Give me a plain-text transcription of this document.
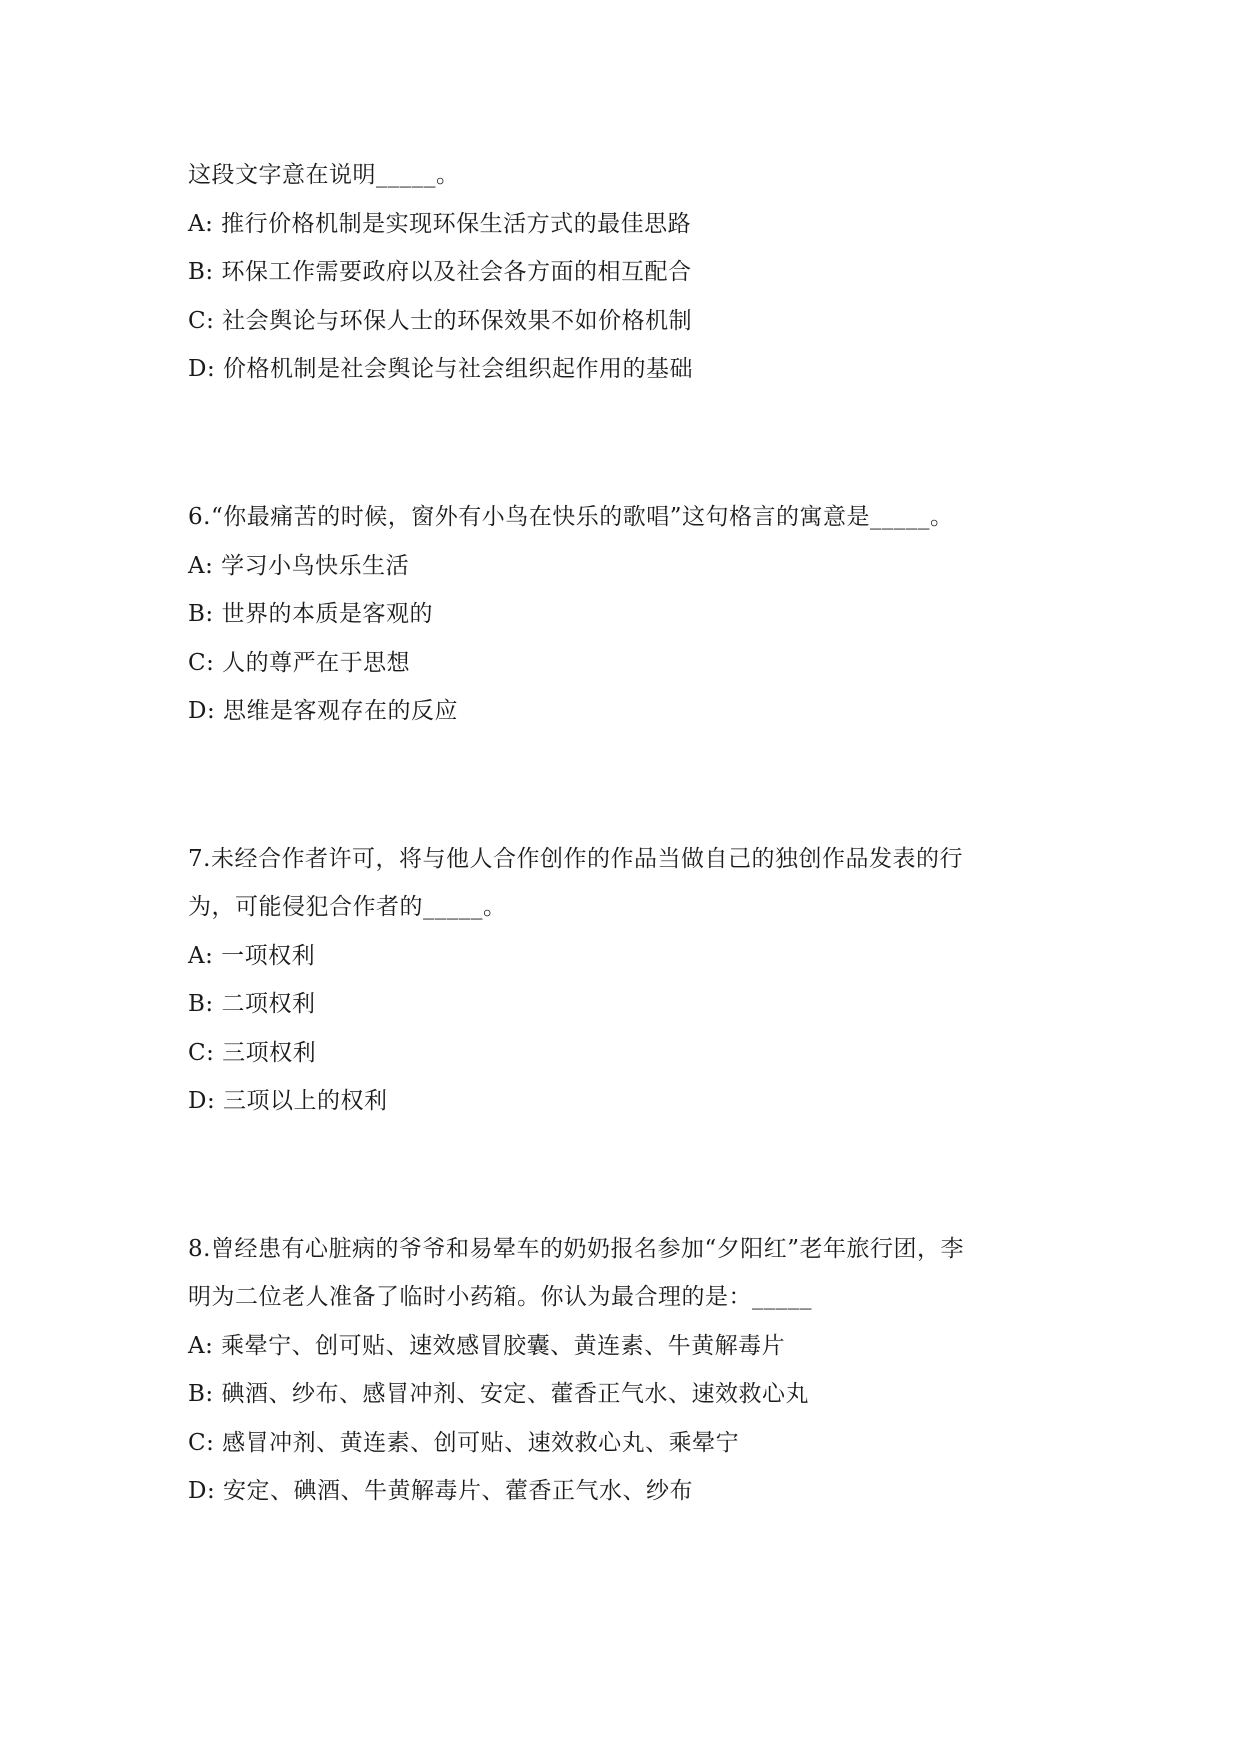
这段文字意在说明_____。
A: 推行价格机制是实现环保生活方式的最佳思路
B: 环保工作需要政府以及社会各方面的相互配合
C: 社会舆论与环保人士的环保效果不如价格机制
D: 价格机制是社会舆论与社会组织起作用的基础
6.“你最痛苦的时候，窗外有小鸟在快乐的歌唱”这句格言的寓意是_____。
A: 学习小鸟快乐生活
B: 世界的本质是客观的
C: 人的尊严在于思想
D: 思维是客观存在的反应
7.未经合作者许可，将与他人合作创作的作品当做自己的独创作品发表的行
为，可能侵犯合作者的_____。
A: 一项权利
B: 二项权利
C: 三项权利
D: 三项以上的权利
8.曾经患有心脏病的爷爷和易晕车的奶奶报名参加“夕阳红”老年旅行团，李
明为二位老人准备了临时小药箱。你认为最合理的是：_____
A: 乘晕宁、创可贴、速效感冒胶囊、黄连素、牛黄解毒片
B: 碘酒、纱布、感冒冲剂、安定、藿香正气水、速效救心丸
C: 感冒冲剂、黄连素、创可贴、速效救心丸、乘晕宁
D: 安定、碘酒、牛黄解毒片、藿香正气水、纱布
